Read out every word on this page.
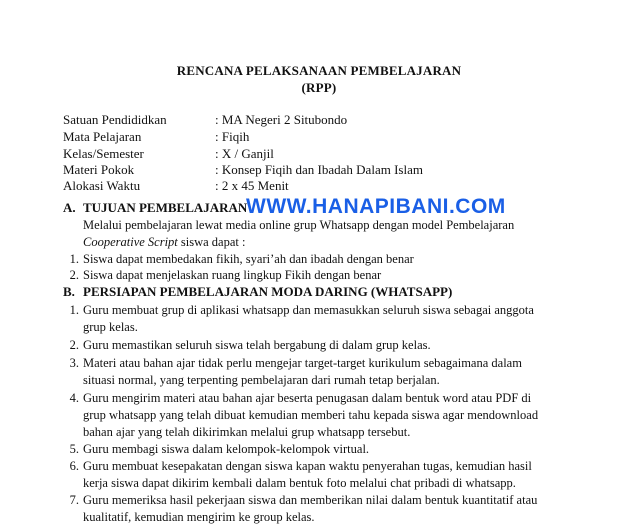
RENCANA PELAKSANAAN PEMBELAJARAN
(RPP)
Satuan Pendididkan	: MA Negeri 2 Situbondo
Mata Pelajaran	: Fiqih
Kelas/Semester	: X / Ganjil
Materi Pokok	: Konsep Fiqih dan Ibadah Dalam Islam
Alokasi Waktu	: 2 x 45 Menit
A. TUJUAN PEMBELAJARAN
WWW.HANAPIBANI.COM
Melalui pembelajaran lewat media online grup Whatsapp dengan model Pembelajaran
Cooperative Script siswa dapat :
1. Siswa dapat membedakan fikih, syari’ah dan ibadah dengan benar
2. Siswa dapat menjelaskan ruang lingkup Fikih dengan benar
B. PERSIAPAN PEMBELAJARAN MODA DARING (WHATSAPP)
1. Guru membuat grup di aplikasi whatsapp dan memasukkan seluruh siswa sebagai anggota
grup kelas.
2. Guru memastikan seluruh siswa telah bergabung di dalam grup kelas.
3. Materi atau bahan ajar tidak perlu mengejar target-target kurikulum sebagaimana dalam
situasi normal, yang terpenting pembelajaran dari rumah tetap berjalan.
4. Guru mengirim materi atau bahan ajar beserta penugasan dalam bentuk word atau PDF di
grup whatsapp yang telah dibuat kemudian memberi tahu kepada siswa agar mendownload
bahan ajar yang telah dikirimkan melalui grup whatsapp tersebut.
5. Guru membagi siswa dalam kelompok-kelompok virtual.
6. Guru membuat kesepakatan dengan siswa kapan waktu penyerahan tugas, kemudian hasil
kerja siswa dapat dikirim kembali dalam bentuk foto melalui chat pribadi di whatsapp.
7. Guru memeriksa hasil pekerjaan siswa dan memberikan nilai dalam bentuk kuantitatif atau
kualitatif, kemudian mengirim ke group kelas.
